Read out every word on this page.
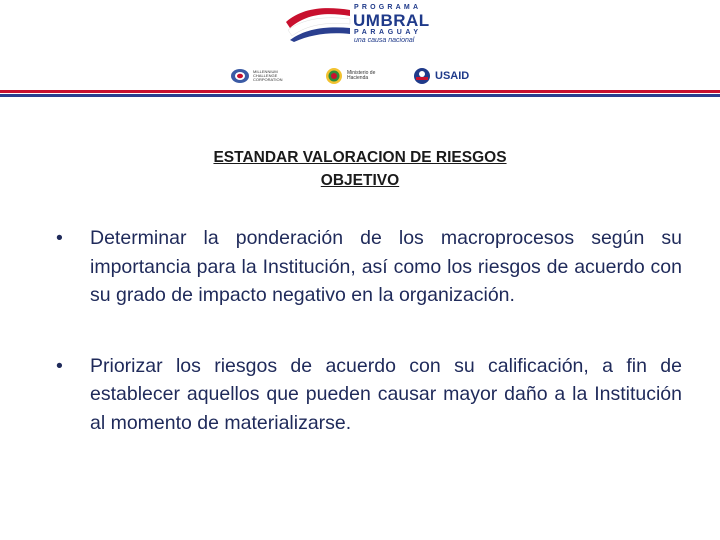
PROGRAMA
UMBRAL
PARAGUAY
una causa nacional
MILLENNIUM CHALLENGE CORPORATION
Ministerio de Hacienda	USAID
ESTANDAR VALORACION DE RIESGOS
OBJETIVO
• Determinar la ponderación de los macroprocesos según su importancia para la Institución, así como los riesgos de acuerdo con su grado de impacto negativo en la organización.
• Priorizar los riesgos de acuerdo con su calificación, a fin de establecer aquellos que pueden causar mayor daño a la Institución al momento de materializarse.
